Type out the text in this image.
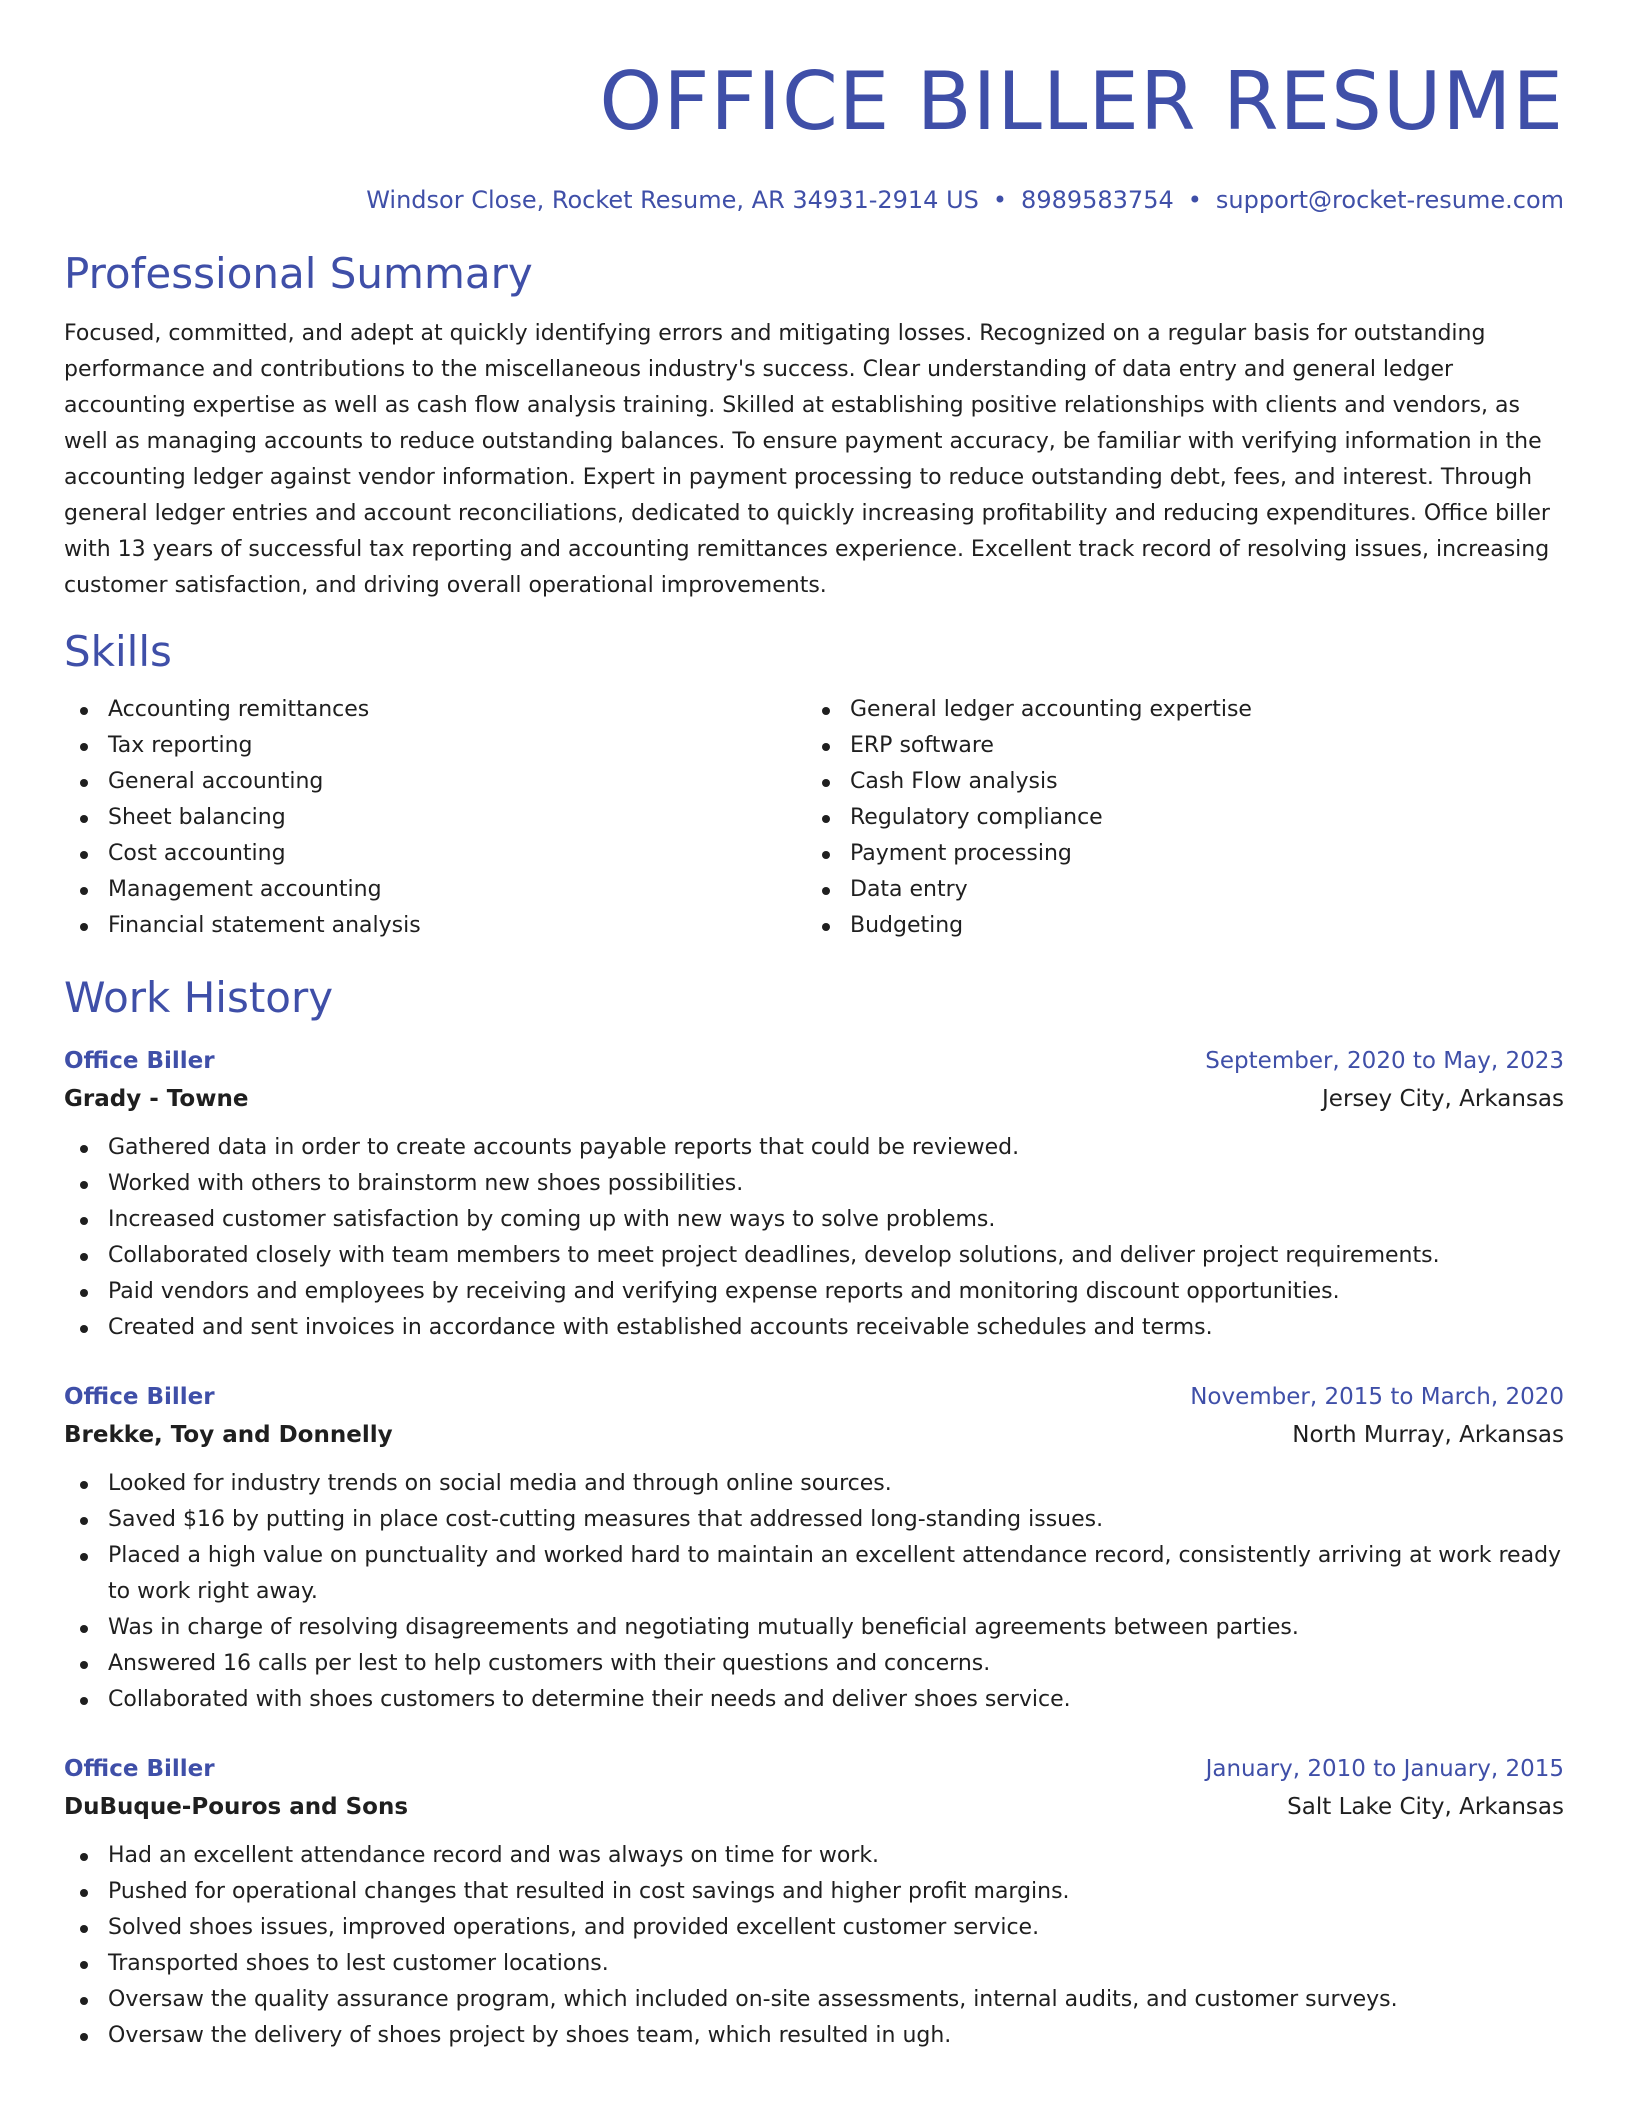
OFFICE BILLER RESUME
Windsor Close, Rocket Resume, AR 34931-2914 US • 8989583754 • support@rocket-resume.com
Professional Summary
Focused, committed, and adept at quickly identifying errors and mitigating losses. Recognized on a regular basis for outstanding performance and contributions to the miscellaneous industry's success. Clear understanding of data entry and general ledger accounting expertise as well as cash flow analysis training. Skilled at establishing positive relationships with clients and vendors, as well as managing accounts to reduce outstanding balances. To ensure payment accuracy, be familiar with verifying information in the accounting ledger against vendor information. Expert in payment processing to reduce outstanding debt, fees, and interest. Through general ledger entries and account reconciliations, dedicated to quickly increasing profitability and reducing expenditures. Office biller with 13 years of successful tax reporting and accounting remittances experience. Excellent track record of resolving issues, increasing customer satisfaction, and driving overall operational improvements.
Skills
Accounting remittances
Tax reporting
General accounting
Sheet balancing
Cost accounting
Management accounting
Financial statement analysis
General ledger accounting expertise
ERP software
Cash Flow analysis
Regulatory compliance
Payment processing
Data entry
Budgeting
Work History
Office Biller	September, 2020 to May, 2023
Grady - Towne	Jersey City, Arkansas
Gathered data in order to create accounts payable reports that could be reviewed.
Worked with others to brainstorm new shoes possibilities.
Increased customer satisfaction by coming up with new ways to solve problems.
Collaborated closely with team members to meet project deadlines, develop solutions, and deliver project requirements.
Paid vendors and employees by receiving and verifying expense reports and monitoring discount opportunities.
Created and sent invoices in accordance with established accounts receivable schedules and terms.
Office Biller	November, 2015 to March, 2020
Brekke, Toy and Donnelly	North Murray, Arkansas
Looked for industry trends on social media and through online sources.
Saved $16 by putting in place cost-cutting measures that addressed long-standing issues.
Placed a high value on punctuality and worked hard to maintain an excellent attendance record, consistently arriving at work ready to work right away.
Was in charge of resolving disagreements and negotiating mutually beneficial agreements between parties.
Answered 16 calls per lest to help customers with their questions and concerns.
Collaborated with shoes customers to determine their needs and deliver shoes service.
Office Biller	January, 2010 to January, 2015
DuBuque-Pouros and Sons	Salt Lake City, Arkansas
Had an excellent attendance record and was always on time for work.
Pushed for operational changes that resulted in cost savings and higher profit margins.
Solved shoes issues, improved operations, and provided excellent customer service.
Transported shoes to lest customer locations.
Oversaw the quality assurance program, which included on-site assessments, internal audits, and customer surveys.
Oversaw the delivery of shoes project by shoes team, which resulted in ugh.
